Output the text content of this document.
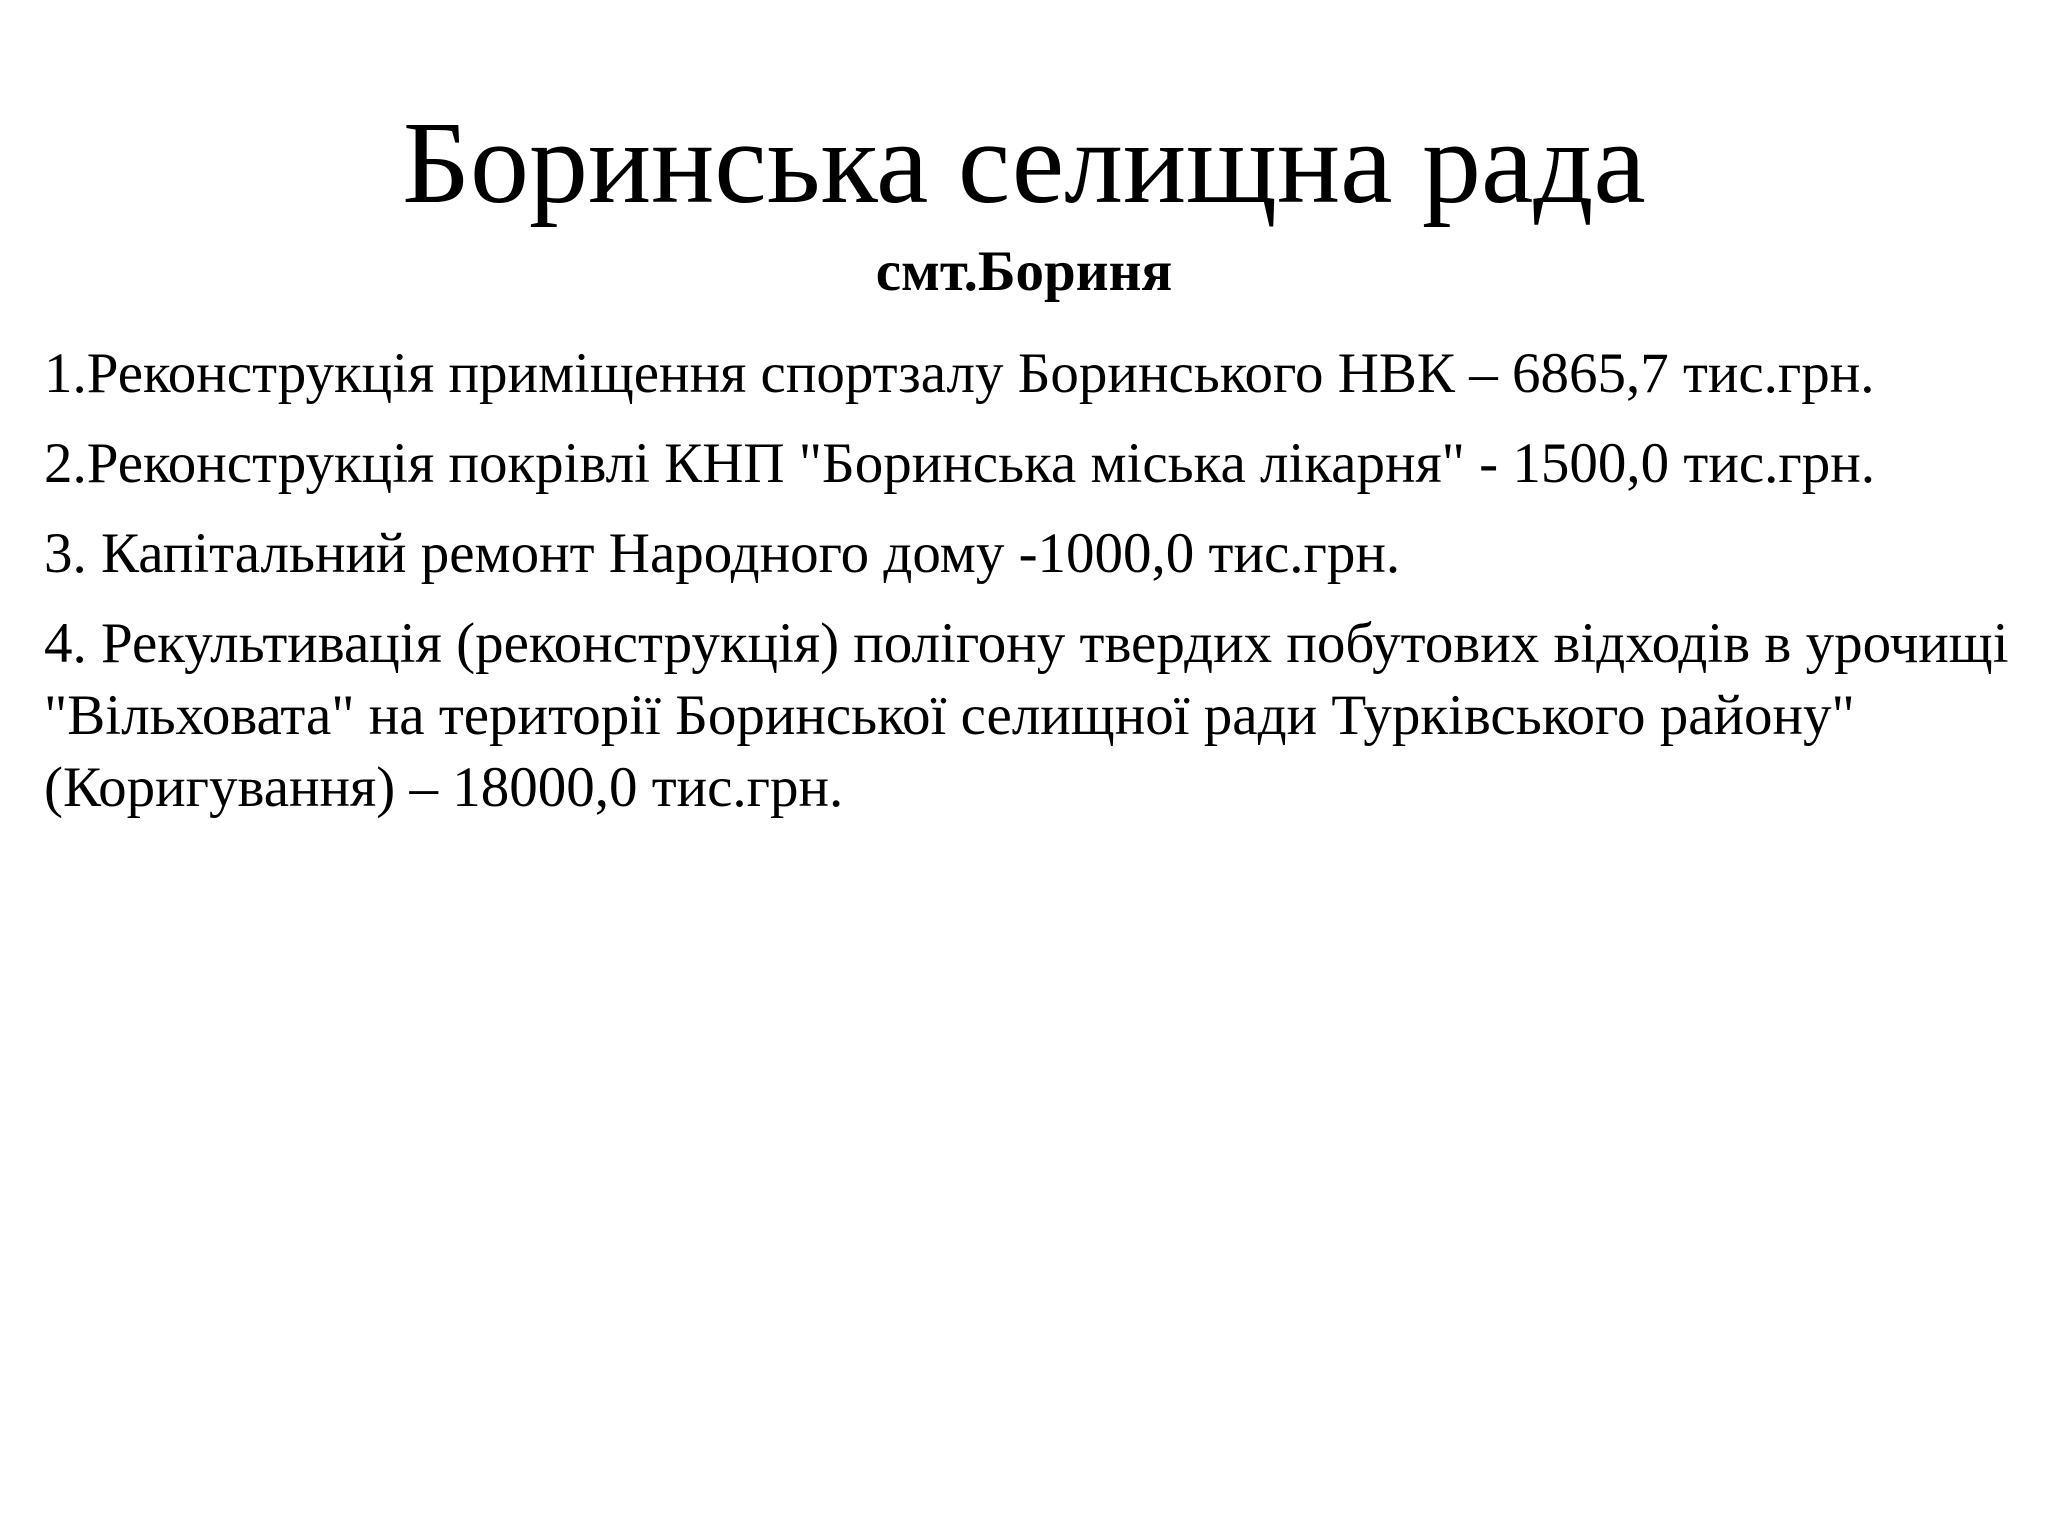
Боринська селищна рада
смт.Бориня
1.Реконструкція приміщення спортзалу Боринського НВК – 6865,7 тис.грн.
2.Реконструкція покрівлі КНП "Боринська міська лікарня" - 1500,0 тис.грн.
3. Капітальний ремонт Народного дому -1000,0 тис.грн.
4. Рекультивація (реконструкція) полігону твердих побутових відходів в урочищі "Вільховата" на території Боринської селищної ради Турківського району" (Коригування) – 18000,0 тис.грн.
